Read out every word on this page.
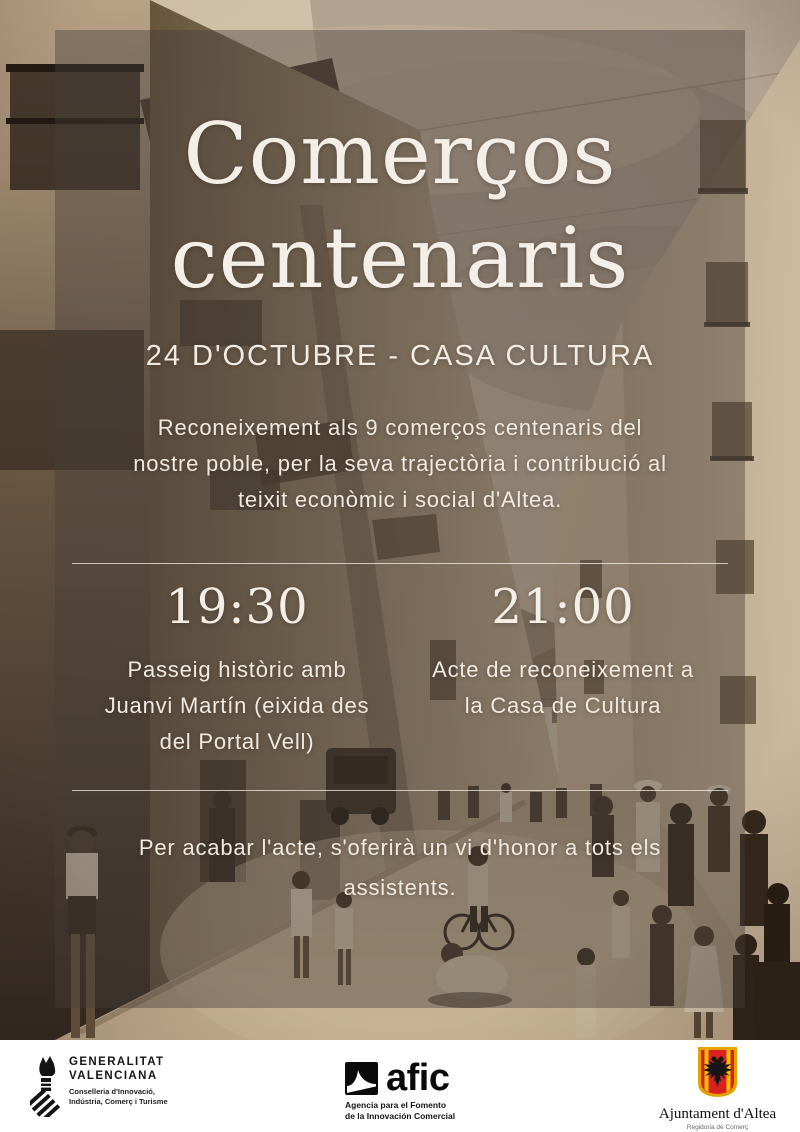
Comerços
centenaris
24 D'OCTUBRE - CASA CULTURA
Reconeixement als 9 comerços centenaris del
nostre poble, per la seva trajectòria i contribució al
teixit econòmic i social d'Altea.
19:30
Passeig històric amb
Juanvi Martín (eixida des
del Portal Vell)
21:00
Acte de reconeixement a
la Casa de Cultura
Per acabar l'acte, s'oferirà un vi d'honor a tots els
assistents.
GENERALITAT
VALENCIANA
Conselleria d'Innovació,
Indústria, Comerç i Turisme
afic
Agencia para el Fomento
de la Innovación Comercial	Ajuntament d'Altea
Regidoria de Comerç
